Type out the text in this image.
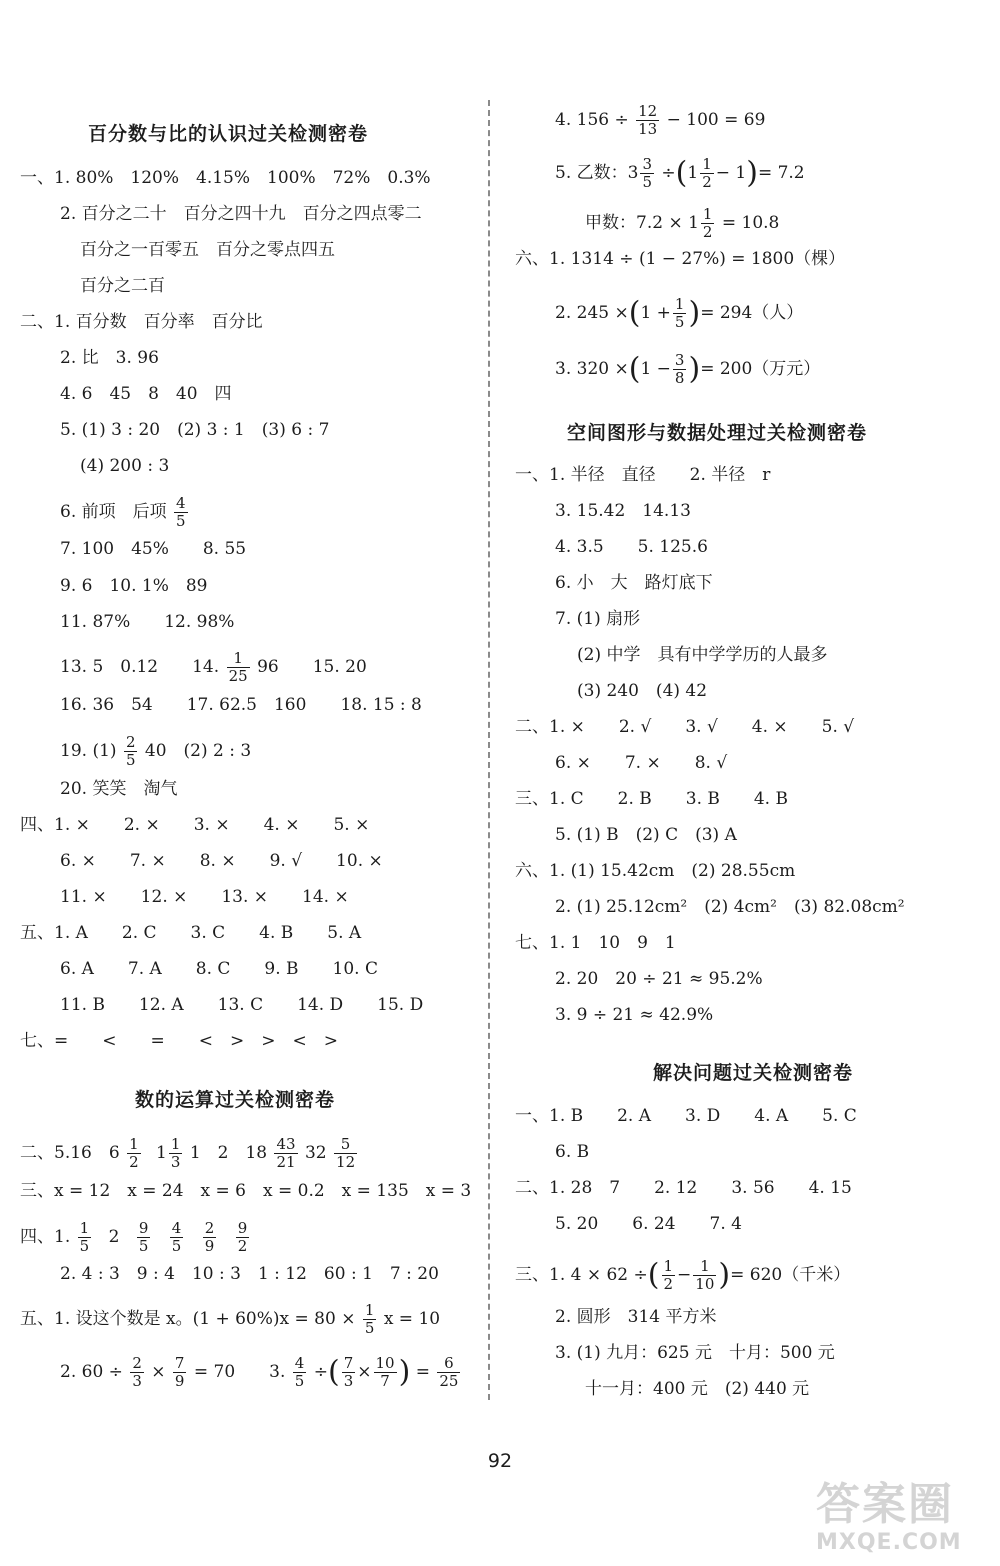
百分数与比的认识过关检测密卷
一、1. 80%　120%　4.15%　100%　72%　0.3%
2. 百分之二十　百分之四十九　百分之四点零二
百分之一百零五　百分之零点四五
百分之二百
二、1. 百分数　百分率　百分比
2. 比　3. 96
4. 6　45　8　40　四
5. (1) 3 : 20　(2) 3 : 1　(3) 6 : 7
(4) 200 : 3
6. 前项　后项 $\frac{4}{5}$
7. 100　45%　　8. 55
9. 6　10. 1%　89
11. 87%　　12. 98%
13. 5　0.12　　14. $\frac{1}{25} 96$　　15. 20
16. 36　54　　17. 62.5　160　　18. 15 : 8
19. $(1) \frac{2}{5} 40$　(2) 2 : 3
20. 笑笑　淘气
四、1. ×　　2. ×　　3. ×　　4. ×　　5. ×
6. ×　　7. ×　　8. ×　　9. √　　10. ×
11. ×　　12. ×　　13. ×　　14. ×
五、1. A　　2. C　　3. C　　4. B　　5. A
6. A　　7. A　　8. C　　9. B　　10. C
11. B　　12. A　　13. C　　14. D　　15. D
七、=　　<　　=　　<　>　>　<　>
数的运算过关检测密卷
二、5.16　$6 \frac{1}{2} 1 \frac{1}{3} 1$　2　$18 \frac{43}{21} 32 \frac{5}{12}$
三、x = 12　x = 24　x = 6　x = 0.2　x = 135　x = 3
四、1. $\frac{1}{5} 2 \frac{9}{5}$
$\frac{4}{5}$
$\frac{2}{9}$
$\frac{9}{2}$
2. 4 : 3　9 : 4　10 : 3　1 : 12　60 : 1　7 : 20
五、1. 设这个数是 x。$(1 + 60\%)x = 80 \times \frac{1}{5}$ x = 10
2. $60 \div \frac{2}{3} \times \frac{7}{9} = 70$　　3. $\frac{4}{5}$ ÷( $\frac{7}{3} \times \frac{10}{7}$ ) = $\frac{6}{25}$
4. $156 \div \frac{12}{13} - 100 = 69$
5. 乙数：$3 \frac{3}{5} \div(1 \frac{1}{2} - 1)= 7.2$
甲数：$7.2 \times 1 \frac{1}{2} = 10.8$
六、1. 1314 ÷ (1 − 27%) = 1800（棵）
2. $245 \times(1 + \frac{1}{5}$ )= 294（人）
3. $320 \times(1 - \frac{3}{8}$ )= 200（万元）
空间图形与数据处理过关检测密卷
一、1. 半径　直径　　2. 半径　r
3. 15.42　14.13
4. 3.5　　5. 125.6
6. 小　大　路灯底下
7. (1) 扇形
(2) 中学　具有中学学历的人最多
(3) 240　(4) 42
二、1. ×　　2. √　　3. √　　4. ×　　5. √
6. ×　　7. ×　　8. √
三、1. C　　2. B　　3. B　　4. B
5. (1) B　(2) C　(3) A
六、1. (1) 15.42cm　(2) 28.55cm
2. (1) 25.12cm²　(2) 4cm²　(3) 82.08cm²
七、1. 1　10　9　1
2. 20　20 ÷ 21 ≈ 95.2%
3. 9 ÷ 21 ≈ 42.9%
解决问题过关检测密卷
一、1. B　　2. A　　3. D　　4. A　　5. C
6. B
二、1. 28　7　　2. 12　　3. 56　　4. 15
5. 20　　6. 24　　7. 4
三、1. 4 × 62 ÷( $\frac{1}{2} - \frac{1}{10}$ )= 620（千米）
2. 圆形　314 平方米
3. (1) 九月：625 元　十月：500 元
十一月：400 元　(2) 440 元
92
答案圈
MXQE.COM
